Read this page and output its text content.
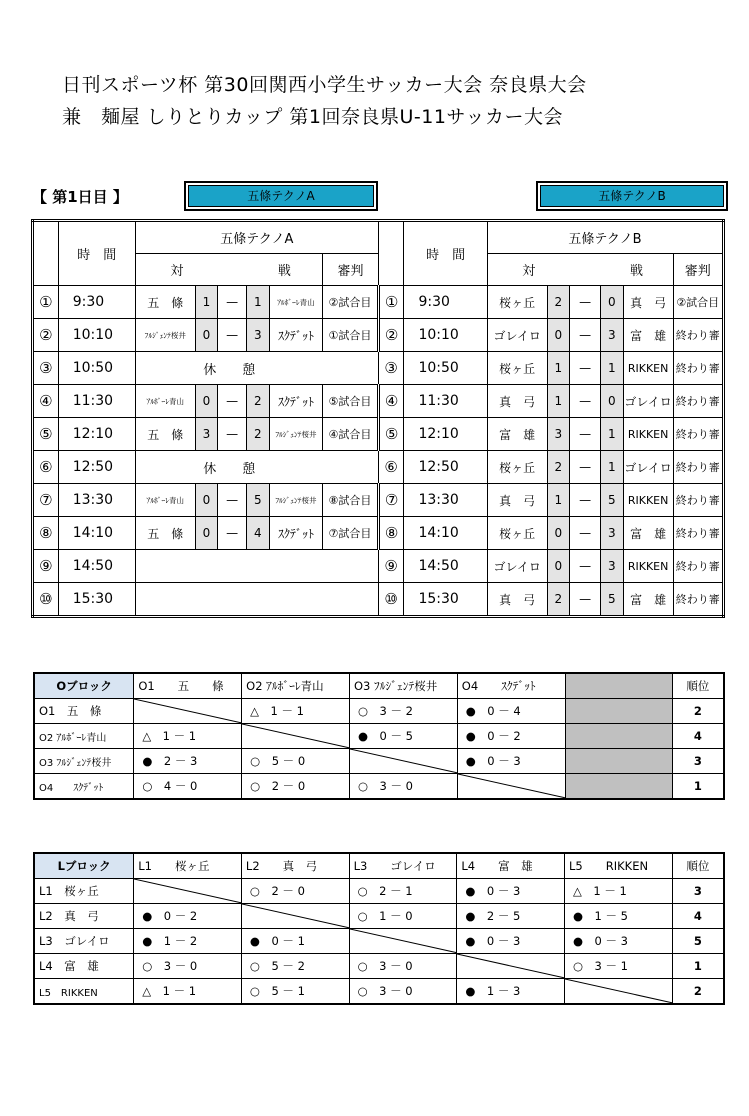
日刊スポーツ杯 第30回関西小学生サッカー大会 奈良県大会
兼　麺屋 しりとりカップ 第1回奈良県U-11サッカー大会
【 第1日目 】	五條テクノA	五條テクノB
	時　間	五條テクノA							時　間	五條テクノB					
		対			戦		審判			対			戦		審判
①	9:30	五　條	1	—	1	ｱﾙﾎﾞｰﾚ青山	②試合目	①	9:30	桜ヶ丘	2	—	0	真　弓	②試合目
②	10:10	ﾌﾙｼﾞｪﾝﾃ桜井	0	—	3	ｽｸﾃﾞｯﾄ	①試合目	②	10:10	ゴレイロ	0	—	3	富　雄	終わり審
③	10:50	休　　憩						③	10:50	桜ヶ丘	1	—	1	RIKKEN	終わり審
④	11:30	ｱﾙﾎﾞｰﾚ青山	0	—	2	ｽｸﾃﾞｯﾄ	⑤試合目	④	11:30	真　弓	1	—	0	ゴレイロ	終わり審
⑤	12:10	五　條	3	—	2	ﾌﾙｼﾞｪﾝﾃ桜井	④試合目	⑤	12:10	富　雄	3	—	1	RIKKEN	終わり審
⑥	12:50	休　　憩						⑥	12:50	桜ヶ丘	2	—	1	ゴレイロ	終わり審
⑦	13:30	ｱﾙﾎﾞｰﾚ青山	0	—	5	ﾌﾙｼﾞｪﾝﾃ桜井	⑧試合目	⑦	13:30	真　弓	1	—	5	RIKKEN	終わり審
⑧	14:10	五　條	0	—	4	ｽｸﾃﾞｯﾄ	⑦試合目	⑧	14:10	桜ヶ丘	0	—	3	富　雄	終わり審
⑨	14:50							⑨	14:50	ゴレイロ	0	—	3	RIKKEN	終わり審
⑩	15:30							⑩	15:30	真　弓	2	—	5	富　雄	終わり審
Oブロック	O1　　五　　條	O2 ｱﾙﾎﾞｰﾚ青山	O3 ﾌﾙｼﾞｪﾝﾃ桜井	O4　　ｽｸﾃﾞｯﾄ		順位
O1　五　條		△　1 － 1	○　3 － 2	●　0 － 4		2
O2 ｱﾙﾎﾞｰﾚ青山	△　1 － 1		●　0 － 5	●　0 － 2		4
O3 ﾌﾙｼﾞｪﾝﾃ桜井	●　2 － 3	○　5 － 0		●　0 － 3		3
O4　　ｽｸﾃﾞｯﾄ	○　4 － 0	○　2 － 0	○　3 － 0			1
Lブロック	L1　　桜ヶ丘	L2　　真　弓	L3　　ゴレイロ	L4　　富　雄	L5　　RIKKEN	順位
L1　桜ヶ丘		○　2 － 0	○　2 － 1	●　0 － 3	△　1 － 1	3
L2　真　弓	●　0 － 2		○　1 － 0	●　2 － 5	●　1 － 5	4
L3　ゴレイロ	●　1 － 2	●　0 － 1		●　0 － 3	●　0 － 3	5
L4　富　雄	○　3 － 0	○　5 － 2	○　3 － 0		○　3 － 1	1
L5　RIKKEN	△　1 － 1	○　5 － 1	○　3 － 0	●　1 － 3		2
